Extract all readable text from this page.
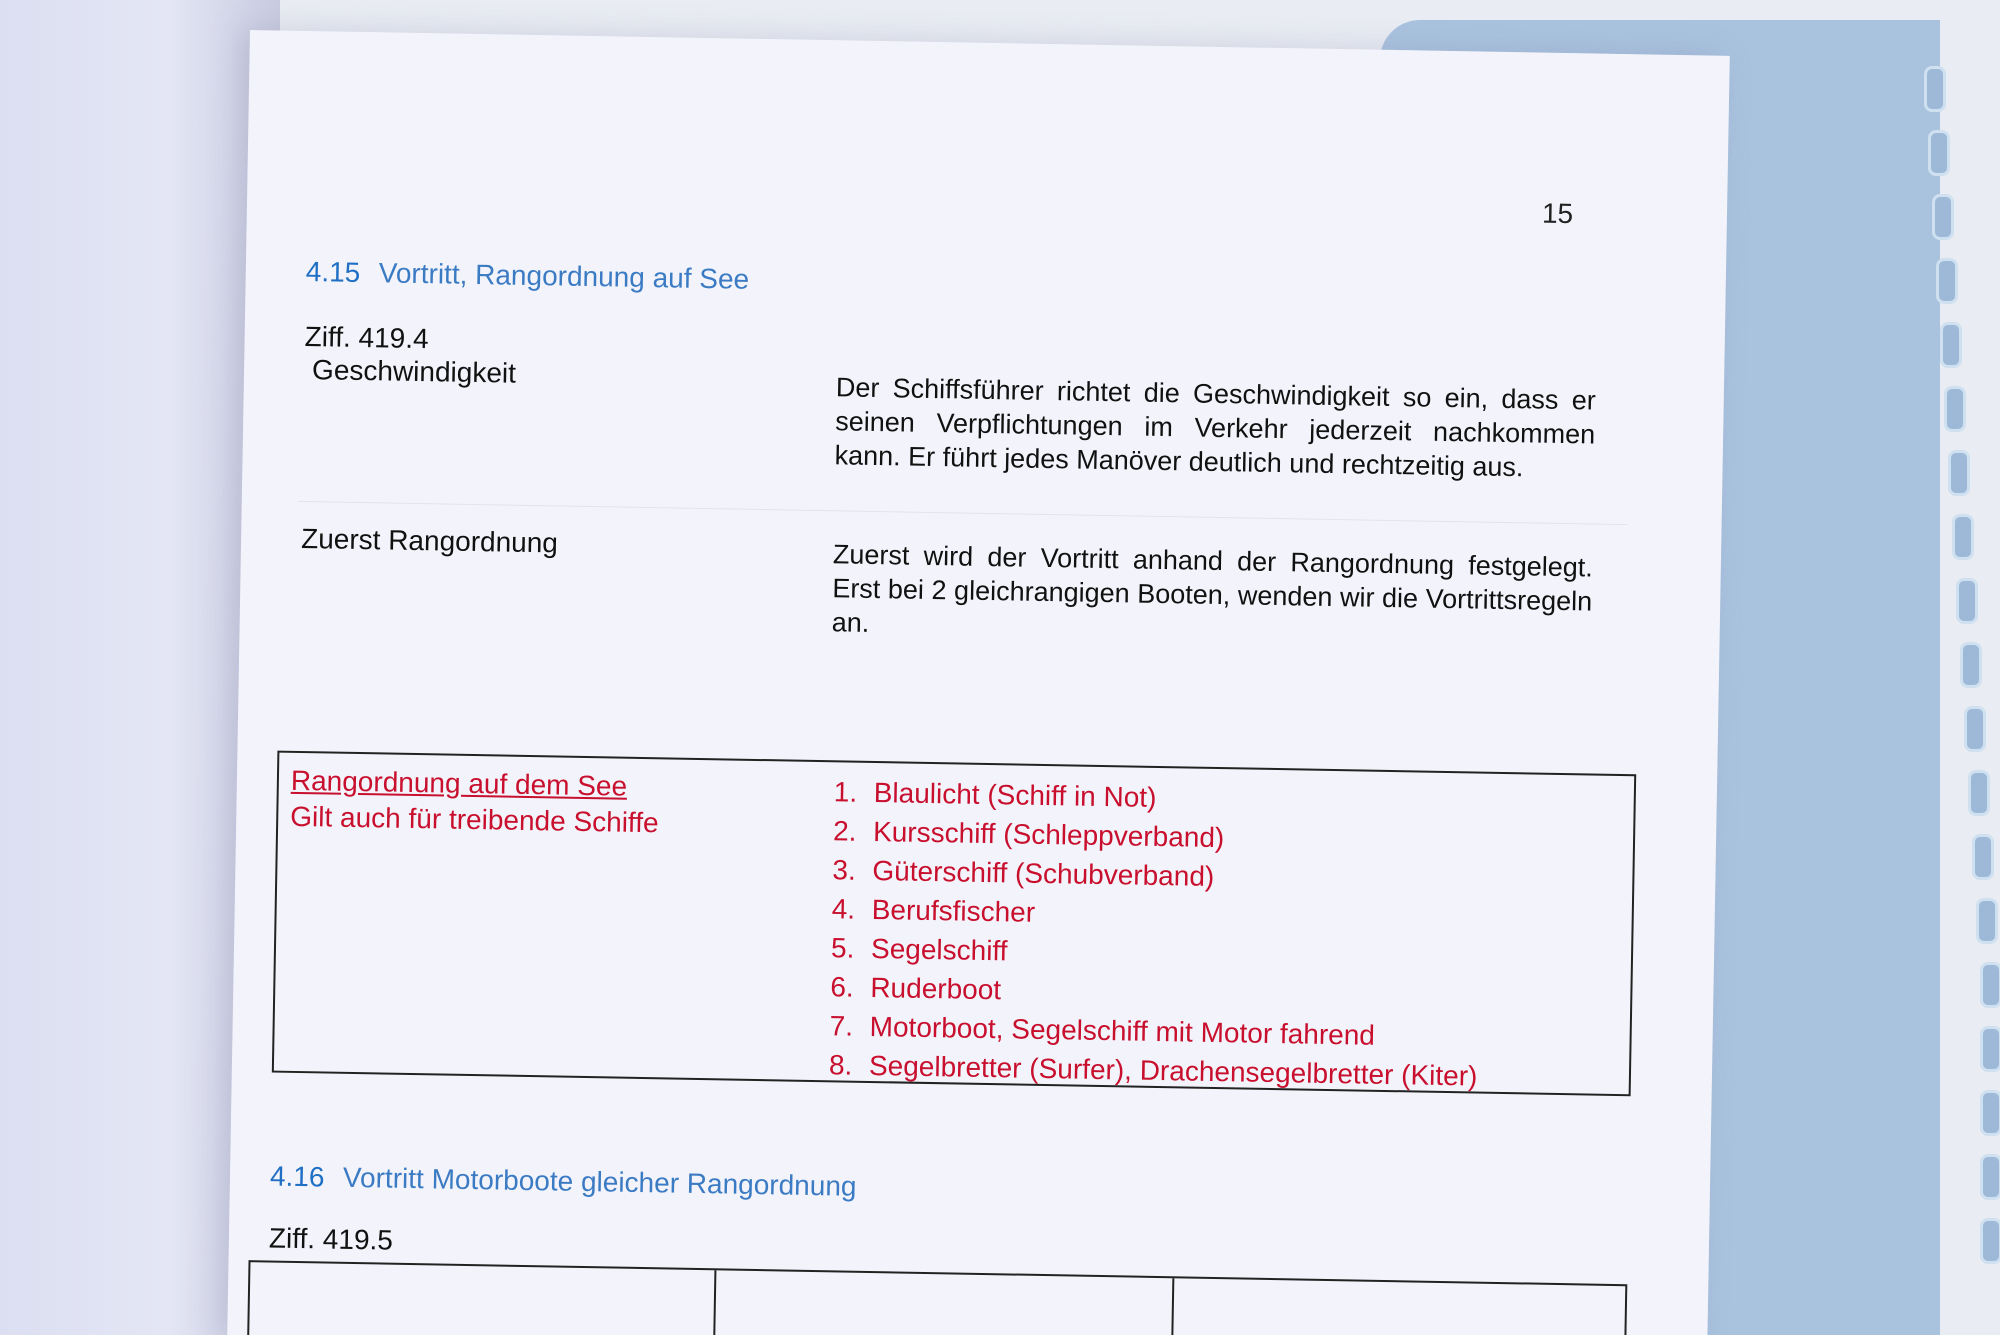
15
4.15 Vortritt, Rangordnung auf See
Ziff. 419.4
Geschwindigkeit
Der Schiffsführer richtet die Geschwindigkeit so ein, dass er seinen Verpflichtungen im Verkehr jederzeit nachkommen kann. Er führt jedes Manöver deutlich und rechtzeitig aus.
Zuerst Rangordnung	Zuerst wird der Vortritt anhand der Rangordnung festgelegt. Erst bei 2 gleichrangigen Booten, wenden wir die Vortrittsregeln an.
Rangordnung auf dem See
Gilt auch für treibende Schiffe
1. Blaulicht (Schiff in Not)
2. Kursschiff (Schleppverband)
3. Güterschiff (Schubverband)
4. Berufsfischer
5. Segelschiff
6. Ruderboot
7. Motorboot, Segelschiff mit Motor fahrend
8. Segelbretter (Surfer), Drachensegelbretter (Kiter)
4.16 Vortritt Motorboote gleicher Rangordnung
Ziff. 419.5
